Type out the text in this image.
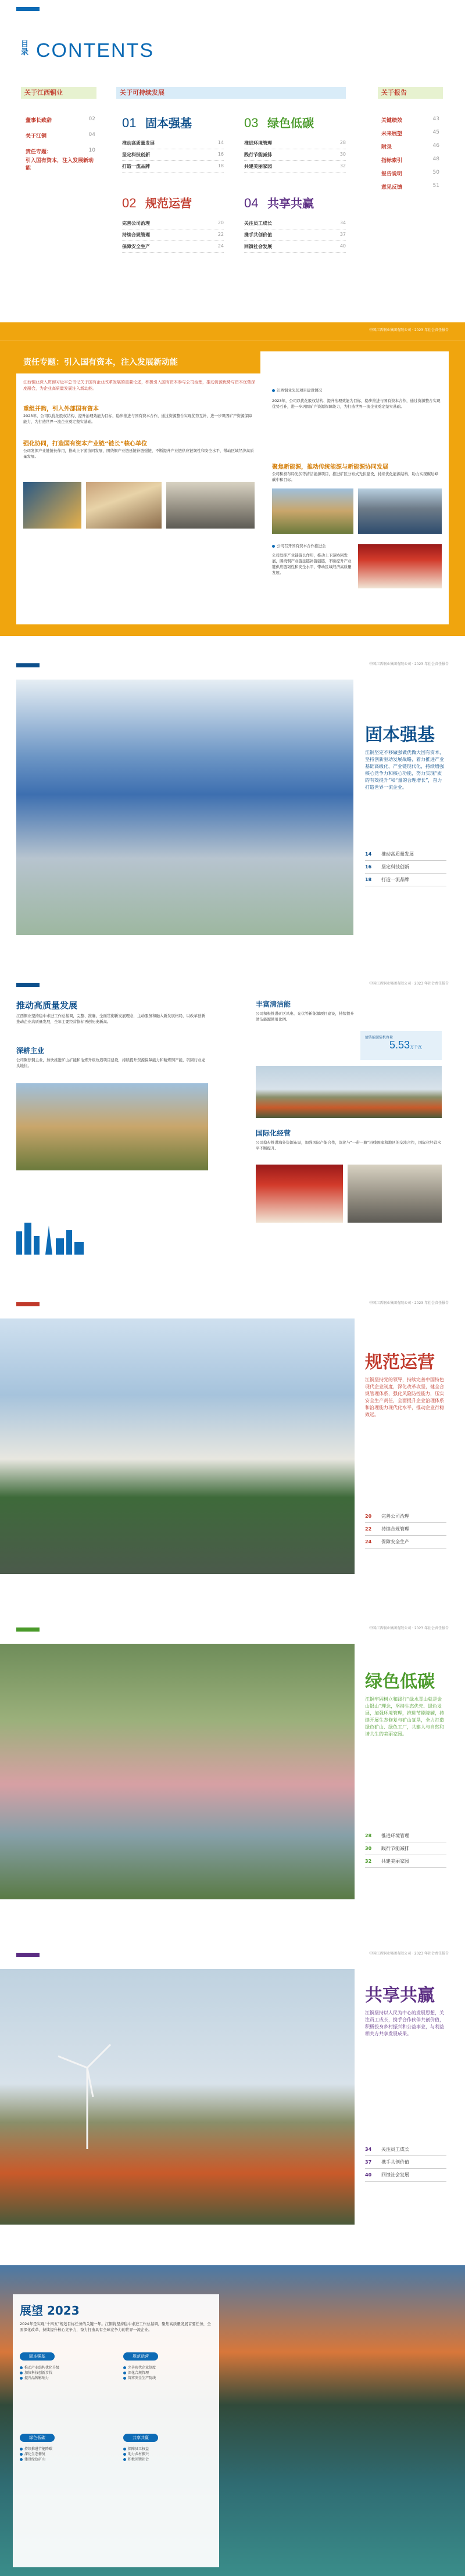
目录 CONTENTS
关于江西铜业	关于可持续发展	关于报告
董事长致辞	02
关于江铜	04
责任专题：	10
引入国有资本，注入发展新动能
01 固本强基
推动高质量发展	14
坚定科技创新	16
打造一流品牌	18
03 绿色低碳
推进环境管理	28
践行节能减排	30
共建美丽家园	32
02 规范运营
完善公司治理	20
持续合规管理	22
保障安全生产	24
04 共享共赢
关注员工成长	34
携手共创价值	37
回馈社会发展	40
关键绩效	43
未来展望	45
附录	46
指标索引	48
报告说明	50
意见反馈	51
中国江西铜业集团有限公司 · 2023 年社会责任报告
责任专题：引入国有资本，注入发展新动能
江西铜业深入贯彻习近平总书记关于国有企业改革发展的重要论述，积极引入国有资本参与公司治理，推动资源优势与资本优势深度融合，为企业高质量发展注入新动能。
重组并购，引入外部国有资本
2023年，公司以优化股权结构、提升治理效能为目标，稳步推进与国有资本合作，通过资源整合实现优势互补，进一步巩固矿产资源保障能力，为打造世界一流企业奠定坚实基础。
强化协同，打造国有资本产业链“链长”核心单位
公司发挥产业链链长作用，推动上下游协同发展，围绕铜产业链延链补链强链，不断提升产业链供应链韧性和安全水平，带动区域经济高质量发展。
江西铜业光伏项目建设情况
2023年，公司以优化股权结构、提升治理效能为目标，稳步推进与国有资本合作，通过资源整合实现优势互补，进一步巩固矿产资源保障能力，为打造世界一流企业奠定坚实基础。
聚焦新能源，推动传统能源与新能源协同发展
公司积极布局光伏等清洁能源项目，推进矿区分布式光伏建设，持续优化能源结构，助力实现碳达峰碳中和目标。
公司召开国有资本合作推进会
公司发挥产业链链长作用，推动上下游协同发展，围绕铜产业链延链补链强链，不断提升产业链供应链韧性和安全水平，带动区域经济高质量发展。
中国江西铜业集团有限公司 · 2023 年社会责任报告
固本强基
江铜坚定不移做强做优做大国有资本，坚持创新驱动发展战略，着力推进产业基础高级化、产业链现代化，持续增强核心竞争力和核心功能，努力实现“质的有效提升”和“量的合理增长”，奋力打造世界一流企业。
14	推动高质量发展
16	坚定科技创新
18	打造一流品牌
中国江西铜业集团有限公司 · 2023 年社会责任报告
推动高质量发展
江西铜业坚持稳中求进工作总基调，完整、准确、全面贯彻新发展理念，主动服务和融入新发展格局，以改革创新推动企业高质量发展，全年主要经营指标再创历史新高。
深耕主业
公司聚焦铜主业，加快推进矿山扩能和冶炼升级改造项目建设，持续提升资源保障能力和精炼铜产能，巩固行业龙头地位。
丰富清洁能
公司积极推进矿区风电、光伏等新能源项目建设，持续提升清洁能源使用比例。
清洁能源装机容量
5.53万千瓦
国际化经营
公司稳步推进海外资源布局，加强国际产能合作，深化与“一带一路”沿线国家和地区的交流合作，国际化经营水平不断提升。
中国江西铜业集团有限公司 · 2023 年社会责任报告
规范运营
江铜坚持党的领导，持续完善中国特色现代企业制度，深化改革攻坚，健全合规管理体系，强化风险防控能力，压实安全生产责任，全面提升企业治理体系和治理能力现代化水平，推动企业行稳致远。
20	完善公司治理
22	持续合规管理
24	保障安全生产
中国江西铜业集团有限公司 · 2023 年社会责任报告
绿色低碳
江铜牢固树立和践行“绿水青山就是金山银山”理念，坚持生态优先、绿色发展，加强环境管理，推进节能降碳，持续开展生态修复与矿山复垦，全力打造绿色矿山、绿色工厂，共建人与自然和谐共生的美丽家园。
28	推进环境管理
30	践行节能减排
32	共建美丽家园
中国江西铜业集团有限公司 · 2023 年社会责任报告
共享共赢
江铜坚持以人民为中心的发展思想，关注员工成长，携手合作伙伴共创价值，积极投身乡村振兴和公益事业，与利益相关方共享发展成果。
34	关注员工成长
37	携手共创价值
40	回馈社会发展
展望 2023
2024年是实现“十四五”规划目标任务的关键一年。江铜将坚持稳中求进工作总基调，聚焦高质量发展首要任务，全面深化改革，持续提升核心竞争力，奋力打造具有全球竞争力的世界一流企业。
固本强基
推动产业结构优化升级
加快科技创新步伐
提升品牌影响力
规范运营
完善现代企业制度
深化合规管理
筑牢安全生产防线
绿色低碳
持续推进节能降碳
深化生态修复
建设绿色矿山
共享共赢
保障员工权益
助力乡村振兴
积极回馈社会
